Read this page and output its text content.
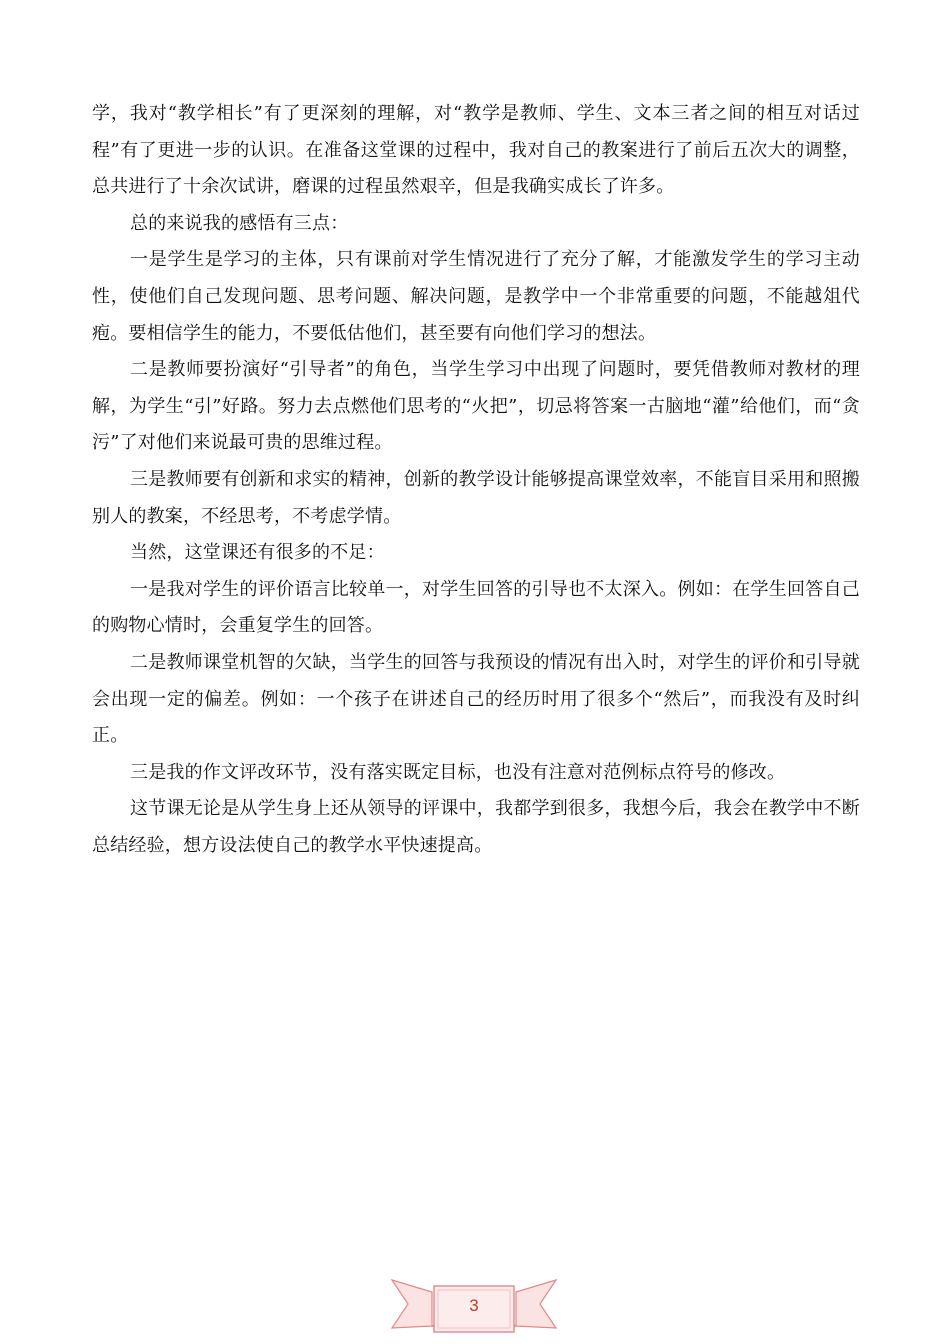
学，我对“教学相长”有了更深刻的理解，对“教学是教师、学生、文本三者之间的相互对话过程”有了更进一步的认识。在准备这堂课的过程中，我对自己的教案进行了前后五次大的调整，总共进行了十余次试讲，磨课的过程虽然艰辛，但是我确实成长了许多。

总的来说我的感悟有三点：

一是学生是学习的主体，只有课前对学生情况进行了充分了解，才能激发学生的学习主动性，使他们自己发现问题、思考问题、解决问题，是教学中一个非常重要的问题，不能越俎代疱。要相信学生的能力，不要低估他们，甚至要有向他们学习的想法。

二是教师要扮演好“引导者”的角色，当学生学习中出现了问题时，要凭借教师对教材的理解，为学生“引”好路。努力去点燃他们思考的“火把”，切忌将答案一古脑地“灌”给他们，而“贪污”了对他们来说最可贵的思维过程。

三是教师要有创新和求实的精神，创新的教学设计能够提高课堂效率，不能盲目采用和照搬别人的教案，不经思考，不考虑学情。

当然，这堂课还有很多的不足：

一是我对学生的评价语言比较单一，对学生回答的引导也不太深入。例如：在学生回答自己的购物心情时，会重复学生的回答。

二是教师课堂机智的欠缺，当学生的回答与我预设的情况有出入时，对学生的评价和引导就会出现一定的偏差。例如：一个孩子在讲述自己的经历时用了很多个“然后”，而我没有及时纠正。

三是我的作文评改环节，没有落实既定目标，也没有注意对范例标点符号的修改。

这节课无论是从学生身上还从领导的评课中，我都学到很多，我想今后，我会在教学中不断总结经验，想方设法使自己的教学水平快速提高。

3
